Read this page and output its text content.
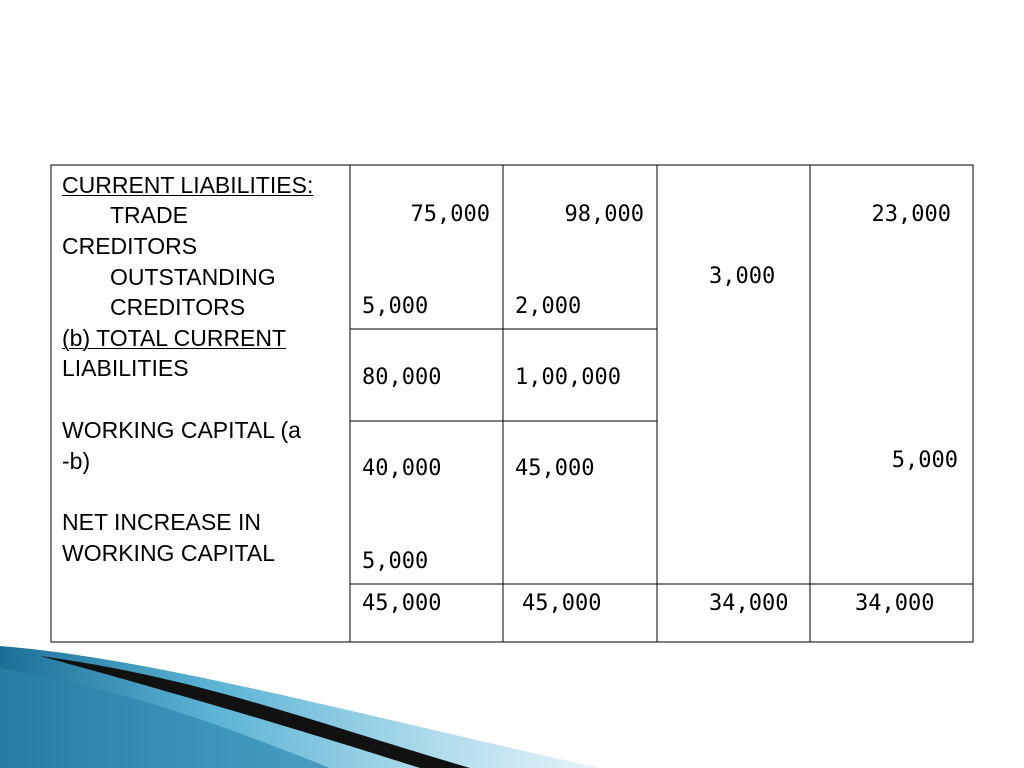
CURRENT LIABILITIES:
TRADE
CREDITORS
OUTSTANDING
CREDITORS
(b) TOTAL CURRENT
LIABILITIES
WORKING CAPITAL (a
-b)
NET INCREASE IN
WORKING CAPITAL
75,000
5,000
80,000
40,000
5,000
45,000
98,000
2,000
1,00,000
45,000
45,000
3,000
34,000
23,000
5,000
34,000
